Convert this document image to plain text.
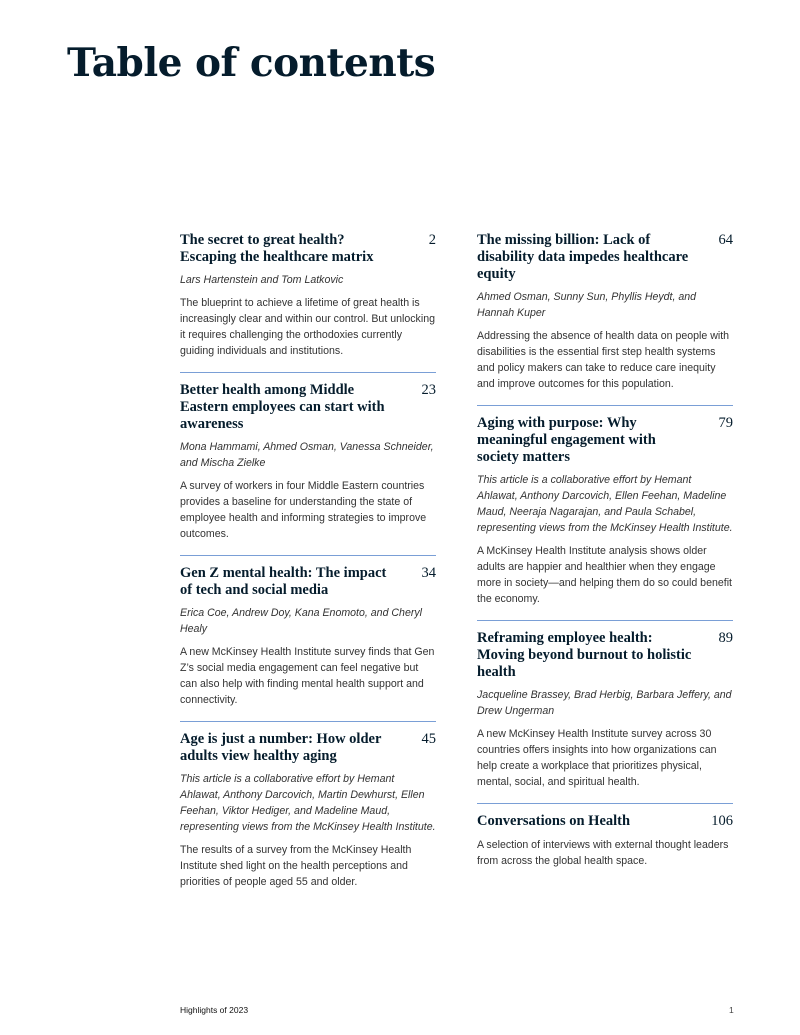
Table of contents
The secret to great health? Escaping the healthcare matrix
2
Lars Hartenstein and Tom Latkovic
The blueprint to achieve a lifetime of great health is increasingly clear and within our control. But unlocking it requires challenging the orthodoxies currently guiding individuals and institutions.
Better health among Middle Eastern employees can start with awareness
23
Mona Hammami, Ahmed Osman, Vanessa Schneider, and Mischa Zielke
A survey of workers in four Middle Eastern countries provides a baseline for understanding the state of employee health and informing strategies to improve outcomes.
Gen Z mental health: The impact of tech and social media
34
Erica Coe, Andrew Doy, Kana Enomoto, and Cheryl Healy
A new McKinsey Health Institute survey finds that Gen Z’s social media engagement can feel negative but can also help with finding mental health support and connectivity.
Age is just a number: How older adults view healthy aging
45
This article is a collaborative effort by Hemant Ahlawat, Anthony Darcovich, Martin Dewhurst, Ellen Feehan, Viktor Hediger, and Madeline Maud, representing views from the McKinsey Health Institute.
The results of a survey from the McKinsey Health Institute shed light on the health perceptions and priorities of people aged 55 and older.
The missing billion: Lack of disability data impedes healthcare equity
64
Ahmed Osman, Sunny Sun, Phyllis Heydt, and Hannah Kuper
Addressing the absence of health data on people with disabilities is the essential first step health systems and policy makers can take to reduce care inequity and improve outcomes for this population.
Aging with purpose: Why meaningful engagement with society matters
79
This article is a collaborative effort by Hemant Ahlawat, Anthony Darcovich, Ellen Feehan, Madeline Maud, Neeraja Nagarajan, and Paula Schabel, representing views from the McKinsey Health Institute.
A McKinsey Health Institute analysis shows older adults are happier and healthier when they engage more in society—and helping them do so could benefit the economy.
Reframing employee health: Moving beyond burnout to holistic health
89
Jacqueline Brassey, Brad Herbig, Barbara Jeffery, and Drew Ungerman
A new McKinsey Health Institute survey across 30 countries offers insights into how organizations can help create a workplace that prioritizes physical, mental, social, and spiritual health.
Conversations on Health	106
A selection of interviews with external thought leaders from across the global health space.
Highlights of 2023	1
